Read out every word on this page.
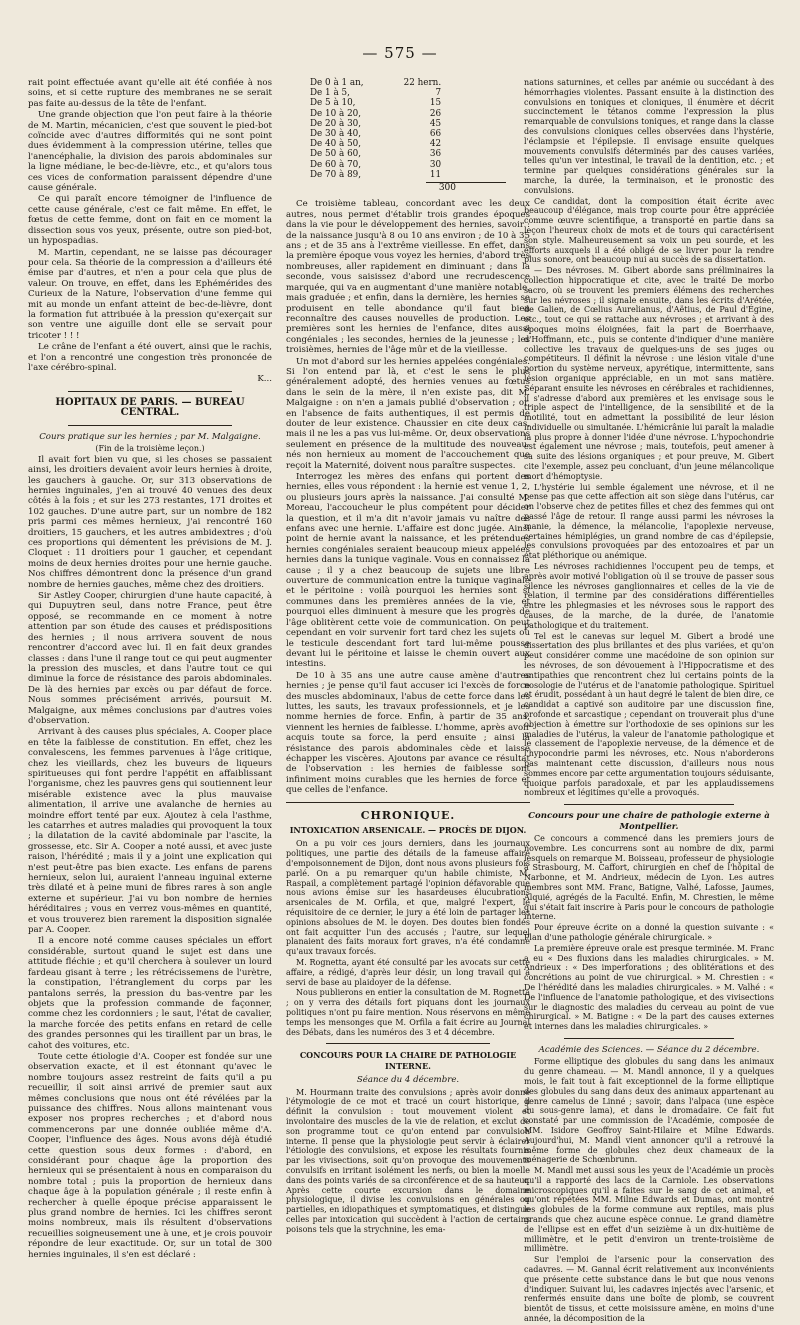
— 575 —

rait point effectuée avant qu'elle ait été confiée à nos soins, et si cette rupture des membranes ne se serait pas faite au-dessus de la tête de l'enfant.

Une grande objection que l'on peut faire à la théorie de M. Martin, mécanicien, c'est que souvent le pied-bot coïncide avec d'autres difformités qui ne sont point dues évidemment à la compression utérine, telles que l'anencéphalie, la division des parois abdominales sur la ligne médiane, le bec-de-lièvre, etc., et qu'alors tous ces vices de conformation paraissent dépendre d'une cause générale.

Ce qui paraît encore témoigner de l'influence de cette cause générale, c'est ce fait même. En effet, le fœtus de cette femme, dont on fait en ce moment la dissection sous vos yeux, présente, outre son pied-bot, un hypospadias.

M. Martin, cependant, ne se laisse pas décourager pour cela. Sa théorie de la compression a d'ailleurs été émise par d'autres, et n'en a pour cela que plus de valeur. On trouve, en effet, dans les Ephémérides des Curieux de la Nature, l'observation d'une femme qui mit au monde un enfant atteint de bec-de-lièvre, dont la formation fut attribuée à la pression qu'exerçait sur son ventre une aiguille dont elle se servait pour tricoter ! ! !

Le crâne de l'enfant a été ouvert, ainsi que le rachis, et l'on a rencontré une congestion très prononcée de l'axe cérébro-spinal.

K...

HOPITAUX DE PARIS. — BUREAU CENTRAL.

Cours pratique sur les hernies ; par M. Malgaigne.

(Fin de la troisième leçon.)

Il avait fort bien vu que, si les choses se passaient ainsi, les droitiers devaient avoir leurs hernies à droite, les gauchers à gauche. Or, sur 313 observations de hernies inguinales, j'en ai trouvé 40 venues des deux côtés à la fois ; et sur les 273 restantes, 171 droites et 102 gauches. D'une autre part, sur un nombre de 182 pris parmi ces mêmes hernieux, j'ai rencontré 160 droitiers, 15 gauchers, et les autres ambidextres ; d'où ces proportions qui démentent les prévisions de M. J. Cloquet : 11 droitiers pour 1 gaucher, et cependant moins de deux hernies droites pour une hernie gauche. Nos chiffres démontrent donc la présence d'un grand nombre de hernies gauches, même chez des droitiers.

Sir Astley Cooper, chirurgien d'une haute capacité, à qui Dupuytren seul, dans notre France, peut être opposé, se recommande en ce moment à notre attention par son étude des causes et prédispositions des hernies ; il nous arrivera souvent de nous rencontrer d'accord avec lui. Il en fait deux grandes classes : dans l'une il range tout ce qui peut augmenter la pression des muscles, et dans l'autre tout ce qui diminue la force de résistance des parois abdominales. De là des hernies par excès ou par défaut de force. Nous sommes précisément arrivés, poursuit M. Malgaigne, aux mêmes conclusions par d'autres voies d'observation.

Arrivant à des causes plus spéciales, A. Cooper place en tête la faiblesse de constitution. En effet, chez les convalescens, les femmes parvenues à l'âge critique, chez les vieillards, chez les buveurs de liqueurs spiritueuses qui font perdre l'appétit en affaiblissant l'organisme, chez les pauvres gens qui soutiennent leur misérable existence avec la plus mauvaise alimentation, il arrive une avalanche de hernies au moindre effort tenté par eux. Ajoutez à cela l'asthme, les catarrhes et autres maladies qui provoquent la toux ; la dilatation de la cavité abdominale par l'ascite, la grossesse, etc. Sir A. Cooper a noté aussi, et avec juste raison, l'hérédité ; mais il y a joint une explication qui n'est peut-être pas bien exacte. Les enfans de parens hernieux, selon lui, auraient l'anneau inguinal externe très dilaté et à peine muni de fibres rares à son angle externe et supérieur. J'ai vu bon nombre de hernies héréditaires ; vous en verrez vous-mêmes en quantité, et vous trouverez bien rarement la disposition signalée par A. Cooper.

Il a encore noté comme causes spéciales un effort considérable, surtout quand le sujet est dans une attitude fléchie ; et qu'il cherchera à soulever un lourd fardeau gisant à terre ; les rétrécissemens de l'urètre, la constipation, l'étranglement du corps par les pantalons serrés, la pression du bas-ventre par les objets que la profession commande de façonner, comme chez les cordonniers ; le saut, l'état de cavalier, la marche forcée des petits enfans en retard de celle des grandes personnes qui les tiraillent par un bras, le cahot des voitures, etc.

Toute cette étiologie d'A. Cooper est fondée sur une observation exacte, et il est étonnant qu'avec le nombre toujours assez restreint de faits qu'il a pu recueillir, il soit ainsi arrivé de premier saut aux mêmes conclusions que nous ont été révélées par la puissance des chiffres. Nous allons maintenant vous exposer nos propres recherches ; et d'abord nous commencerons par une donnée oubliée même d'A. Cooper, l'influence des âges. Nous avons déjà étudié cette question sous deux formes : d'abord, en considérant pour chaque âge la proportion des hernieux qui se présentaient à nous en comparaison du nombre total ; puis la proportion de hernieux dans chaque âge à la population générale ; il reste enfin à rechercher à quelle époque précise apparaissent le plus grand nombre de hernies. Ici les chiffres seront moins nombreux, mais ils résultent d'observations recueillies soigneusement une à une, et je crois pouvoir répondre de leur exactitude. Or, sur un total de 300 hernies inguinales, il s'en est déclaré :

De 0 à 1 an,	22 hern.
De 1 à 5,	7
De 5 à 10,	15
De 10 à 20,	26
De 20 à 30,	45
De 30 à 40,	66
De 40 à 50,	42
De 50 à 60,	36
De 60 à 70,	30
De 70 à 89,	11
300

Ce troisième tableau, concordant avec les deux autres, nous permet d'établir trois grandes époques dans la vie pour le développement des hernies, savoir : de la naissance jusqu'à 8 ou 10 ans environ ; de 10 à 35 ans ; et de 35 ans à l'extrême vieillesse. En effet, dans la première époque vous voyez les hernies, d'abord très nombreuses, aller rapidement en diminuant ; dans la seconde, vous saisissez d'abord une recrudescence marquée, qui va en augmentant d'une manière notable, mais graduée ; et enfin, dans la dernière, les hernies se produisent en telle abondance qu'il faut bien reconnaître des causes nouvelles de production. Les premières sont les hernies de l'enfance, dites aussi congéniales ; les secondes, hernies de la jeunesse ; les troisièmes, hernies de l'âge mûr et de la vieillesse.

Un mot d'abord sur les hernies appelées congéniales. Si l'on entend par là, et c'est le sens le plus généralement adopté, des hernies venues au fœtus dans le sein de la mère, il n'en existe pas, dit M. Malgaigne : on n'en a jamais publié d'observation ; or, en l'absence de faits authentiques, il est permis de douter de leur existence. Chaussier en cite deux cas, mais il ne les a pas vus lui-même. Or, deux observations seulement en présence de la multitude des nouveau-nés non hernieux au moment de l'accouchement que reçoit la Maternité, doivent nous paraître suspectes.

Interrogez les mères des enfans qui portent des hernies, elles vous répondent : la hernie est venue 1, 2, ou plusieurs jours après la naissance. J'ai consulté M. Moreau, l'accoucheur le plus compétent pour décider la question, et il m'a dit n'avoir jamais vu naître des enfans avec une hernie. L'affaire est donc jugée. Ainsi point de hernie avant la naissance, et les prétendues hernies congéniales seraient beaucoup mieux appelées hernies dans la tunique vaginale. Vous en connaissez la cause ; il y a chez beaucoup de sujets une libre ouverture de communication entre la tunique vaginale et le péritoine : voilà pourquoi les hernies sont si communes dans les premières années de la vie, et pourquoi elles diminuent à mesure que les progrès de l'âge oblitèrent cette voie de communication. On peut cependant en voir survenir fort tard chez les sujets où le testicule descendant fort tard lui-même pousse devant lui le péritoine et laisse le chemin ouvert aux intestins.

De 10 à 35 ans une autre cause amène d'autres hernies ; je pense qu'il faut accuser ici l'excès de force des muscles abdominaux, l'abus de cette force dans les luttes, les sauts, les travaux professionnels, et je les nomme hernies de force. Enfin, à partir de 35 ans, viennent les hernies de faiblesse. L'homme, après avoir acquis toute sa force, la perd ensuite ; ainsi la résistance des parois abdominales cède et laisse échapper les viscères. Ajoutons par avance ce résultat de l'observation : les hernies de faiblesse sont infiniment moins curables que les hernies de force et que celles de l'enfance.

CHRONIQUE.

INTOXICATION ARSENICALE. — PROCÈS DE DIJON.

On a pu voir ces jours derniers, dans les journaux politiques, une partie des détails de la fameuse affaire d'empoisonnement de Dijon, dont nous avons plusieurs fois parlé. On a pu remarquer qu'un habile chimiste, M. Raspail, a complètement partagé l'opinion défavorable que nous avions émise sur les hasardeuses élucubrations arsenicales de M. Orfila, et que, malgré l'expert, le réquisitoire de ce dernier, le jury a été loin de partager les opinions absolues de M. le doyen. Des doutes bien fondés ont fait acquitter l'un des accusés ; l'autre, sur lequel planaient des faits moraux fort graves, n'a été condamné qu'aux travaux forcés.

M. Rognetta, ayant été consulté par les avocats sur cette affaire, a rédigé, d'après leur désir, un long travail qui a servi de base au plaidoyer de la défense.

Nous publierons en entier la consultation de M. Rognetta ; on y verra des détails fort piquans dont les journaux politiques n'ont pu faire mention. Nous réservons en même temps les mensonges que M. Orfila a fait écrire au Journal des Débats, dans les numéros des 3 et 4 décembre.

CONCOURS POUR LA CHAIRE DE PATHOLOGIE INTERNE.

Séance du 4 décembre.

M. Hourmann traite des convulsions ; après avoir donné l'étymologie de ce mot et tracé un court historique, il définit la convulsion : tout mouvement violent et involontaire des muscles de la vie de relation, et exclut de son programme tout ce qu'on entend par convulsion interne. Il pense que la physiologie peut servir à éclairer l'étiologie des convulsions, et expose les résultats fournis par les vivisections, soit qu'on provoque des mouvements convulsifs en irritant isolément les nerfs, ou bien la moelle dans des points variés de sa circonférence et de sa hauteur. Après cette courte excursion dans le domaine physiologique, il divise les convulsions en générales ou partielles, en idiopathiques et symptomatiques, et distingue celles par intoxication qui succèdent à l'action de certains poisons tels que la strychnine, les ema-

nations saturnines, et celles par anémie ou succédant à des hémorrhagies violentes. Passant ensuite à la distinction des convulsions en toniques et cloniques, il énumère et décrit succinctement le tétanos comme l'expression la plus remarquable de convulsions toniques, et range dans la classe des convulsions cloniques celles observées dans l'hystérie, l'éclampsie et l'épilepsie. Il envisage ensuite quelques mouvements convulsifs déterminés par des causes variées, telles qu'un ver intestinal, le travail de la dentition, etc. ; et termine par quelques considérations générales sur la marche, la durée, la terminaison, et le pronostic des convulsions.

Ce candidat, dont la composition était écrite avec beaucoup d'élégance, mais trop courte pour être appréciée comme œuvre scientifique, a transporté en partie dans sa leçon l'heureux choix de mots et de tours qui caractérisent son style. Malheureusement sa voix un peu sourde, et les efforts auxquels il a été obligé de se livrer pour la rendre plus sonore, ont beaucoup nui au succès de sa dissertation.

— Des névroses. M. Gibert aborde sans préliminaires la collection hippocratique et cite, avec le traité De morbo sacro, où se trouvent les premiers élémens des recherches sur les névroses ; il signale ensuite, dans les écrits d'Arétée, de Galien, de Cœlius Aurelianus, d'Aëtius, de Paul d'Égine, etc., tout ce qui se rattache aux névroses ; et arrivant à des époques moins éloignées, fait la part de Boerrhaave, d'Hoffmann, etc., puis se contente d'indiquer d'une manière collective les travaux de quelques-uns de ses juges ou compétiteurs. Il définit la névrose : une lésion vitale d'une portion du système nerveux, apyrétique, intermittente, sans lésion organique appréciable, en un mot sans matière. Séparant ensuite les névroses en cérébrales et rachidiennes, il s'adresse d'abord aux premières et les envisage sous le triple aspect de l'intelligence, de la sensibilité et de la motilité, tout en admettant la possibilité de leur lésion individuelle ou simultanée. L'hémicrânie lui paraît la maladie la plus propre à donner l'idée d'une névrose. L'hypochondrie est également une névrose ; mais, toutefois, peut amener à sa suite des lésions organiques ; et pour preuve, M. Gibert cite l'exemple, assez peu concluant, d'un jeune mélancolique mort d'hémoptysie.

L'hystérie lui semble également une névrose, et il ne pense pas que cette affection ait son siège dans l'utérus, car on l'observe chez de petites filles et chez des femmes qui ont passé l'âge de retour. Il range aussi parmi les névroses la manie, la démence, la mélancolie, l'apoplexie nerveuse, certaines hémiplégies, un grand nombre de cas d'épilepsie, les convulsions provoquées par des entozoaires et par un état pléthorique ou anémique.

Les névroses rachidiennes l'occupent peu de temps, et après avoir motivé l'obligation où il se trouve de passer sous silence les névroses ganglionnaires et celles de la vie de relation, il termine par des considérations différentielles entre les phlegmasies et les névroses sous le rapport des causes, de la marche, de la durée, de l'anatomie pathologique et du traitement.

Tel est le canevas sur lequel M. Gibert a brodé une dissertation des plus brillantes et des plus variées, et qu'on peut considérer comme une macédoine de son opinion sur les névroses, de son dévouement à l'Hippocratisme et des antipathies que rencontrent chez lui certains points de la nosologie de l'utérus et de l'anatomie pathologique. Spirituel et érudit, possédant à un haut degré le talent de bien dire, ce candidat a captivé son auditoire par une discussion fine, profonde et sarcastique ; cependant on trouverait plus d'une objection à émettre sur l'orthodoxie de ses opinions sur les maladies de l'utérus, la valeur de l'anatomie pathologique et le classement de l'apoplexie nerveuse, de la démence et de l'hypocondrie parmi les névroses, etc. Nous n'aborderons pas maintenant cette discussion, d'ailleurs nous nous sommes encore par cette argumentation toujours séduisante, quoique parfois paradoxale, et par les applaudissemens nombreux et légitimes qu'elle a provoqués.

Concours pour une chaire de pathologie externe à Montpellier.

Ce concours a commencé dans les premiers jours de novembre. Les concurrens sont au nombre de dix, parmi lesquels on remarque M. Boisseau, professeur de physiologie à Strasbourg, M. Caffort, chirurgien en chef de l'hôpital de Narbonne, et M. Andrieux, médecin de Lyon. Les autres membres sont MM. Franc, Batigne, Valhé, Lafosse, Jaumes, Alquié, agrégés de la Faculté. Enfin, M. Chrestien, le même qui s'était fait inscrire à Paris pour le concours de pathologie interne.

Pour épreuve écrite on a donné la question suivante : « Plan d'une pathologie générale chirurgicale. »

La première épreuve orale est presque terminée. M. Franc a eu « Des fluxions dans les maladies chirurgicales. » M. Andrieux : « Des imperforations ; des oblitérations et des concrétions au point de vue chirurgical. » M. Chrestien : « De l'hérédité dans les maladies chirurgicales. » M. Valhé : « De l'influence de l'anatomie pathologique, et des vivisections sur le diagnostic des maladies du cerveau au point de vue chirurgical. » M. Batigne : « De la part des causes externes et internes dans les maladies chirurgicales. »

Académie des Sciences. — Séance du 2 décembre.

Forme elliptique des globules du sang dans les animaux du genre chameau. — M. Mandl annonce, il y a quelques mois, le fait tout à fait exceptionnel de la forme elliptique des globules du sang dans deux des animaux appartenant au genre camelus de Linné ; savoir, dans l'alpaca (une espèce du sous-genre lama), et dans le dromadaire. Ce fait fut constaté par une commission de l'Académie, composée de MM. Isidore Geoffroy Saint-Hilaire et Milne Edwards. Aujourd'hui, M. Mandl vient annoncer qu'il a retrouvé la même forme de globules chez deux chameaux de la ménagerie de Schœnbrunn.

M. Mandl met aussi sous les yeux de l'Académie un procès qu'il a rapporté des lacs de la Carniole. Les observations microscopiques qu'il a faites sur le sang de cet animal, et qu'ont répétées MM. Milne Edwards et Dumas, ont montré les globules de la forme commune aux reptiles, mais plus grands que chez aucune espèce connue. Le grand diamètre de l'ellipse est en effet d'un seizième à un dix-huitième de millimètre, et le petit d'environ un trente-troisième de millimètre.

Sur l'emploi de l'arsenic pour la conservation des cadavres. — M. Gannal écrit relativement aux inconvénients que présente cette substance dans le but que nous venons d'indiquer. Suivant lui, les cadavres injectés avec l'arsenic, et renfermés ensuite dans une boîte de plomb, se couvrent bientôt de tissus, et cette moisissure amène, en moins d'une année, la décomposition de la
